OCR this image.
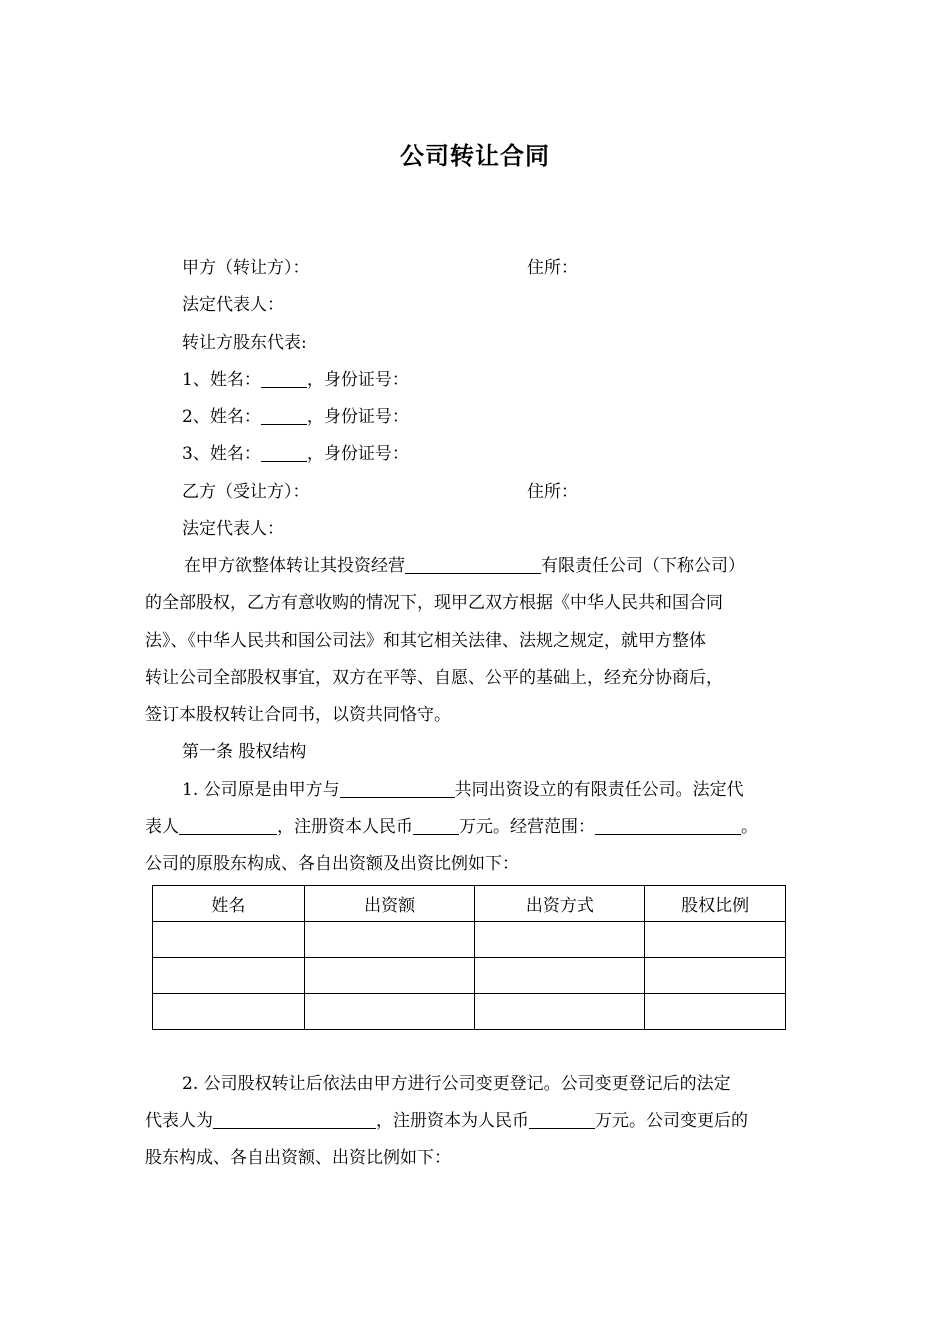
公司转让合同
甲方（转让方）：	住所：
法定代表人：
转让方股东代表:
1、姓名：	，身份证号：
2、姓名：	，身份证号：
3、姓名：	，身份证号：
乙方（受让方）：	住所：
法定代表人：
在甲方欲整体转让其投资经营	有限责任公司（下称公司）
的全部股权，乙方有意收购的情况下，现甲乙双方根据《中华人民共和国合同
法》、《中华人民共和国公司法》和其它相关法律、法规之规定，就甲方整体
转让公司全部股权事宜，双方在平等、自愿、公平的基础上，经充分协商后，
签订本股权转让合同书，以资共同恪守。
第一条 股权结构
1. 公司原是由甲方与	共同出资设立的有限责任公司。法定代
表人	，注册资本人民币	万元。经营范围：	。
公司的原股东构成、各自出资额及出资比例如下：
姓名	出资额	出资方式	股权比例

2. 公司股权转让后依法由甲方进行公司变更登记。公司变更登记后的法定
代表人为	，注册资本为人民币	万元。公司变更后的
股东构成、各自出资额、出资比例如下：
